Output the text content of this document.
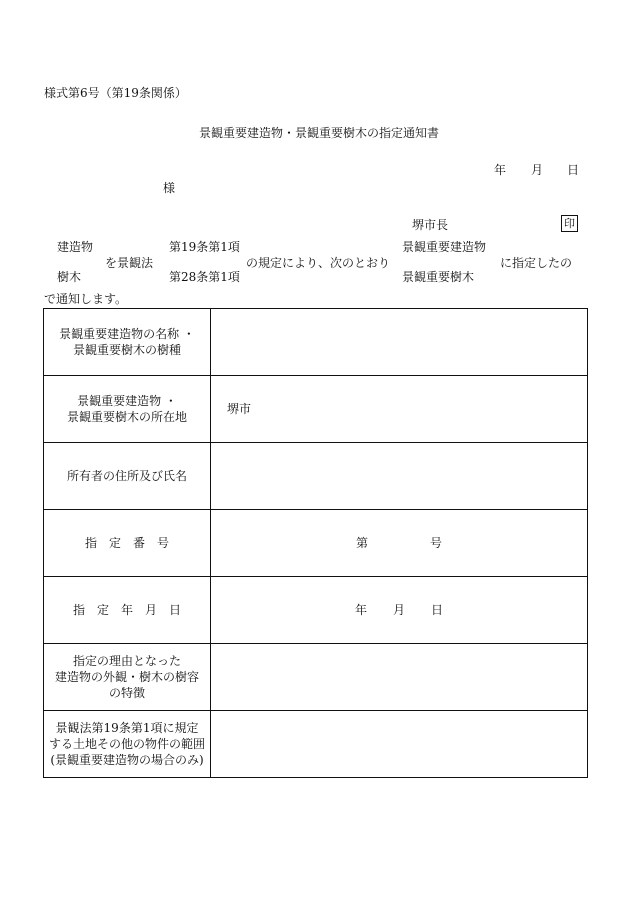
様式第6号（第19条関係）
景観重要建造物・景観重要樹木の指定通知書
年 月 日
様
堺市長	印
建造物
樹木
を景観法
第19条第1項
第28条第1項
の規定により、次のとおり
景観重要建造物
景観重要樹木
に指定したの
で通知します。
景観重要建造物の名称 ・
景観重要樹木の樹種	

景観重要建造物 ・
景観重要樹木の所在地	堺市

所有者の住所及び氏名	

指　定　番　号	第 号

指　定　年　月　日	年 月 日

指定の理由となった
建造物の外観・樹木の樹容
の特徴	

景観法第19条第1項に規定
する土地その他の物件の範囲
(景観重要建造物の場合のみ)	
